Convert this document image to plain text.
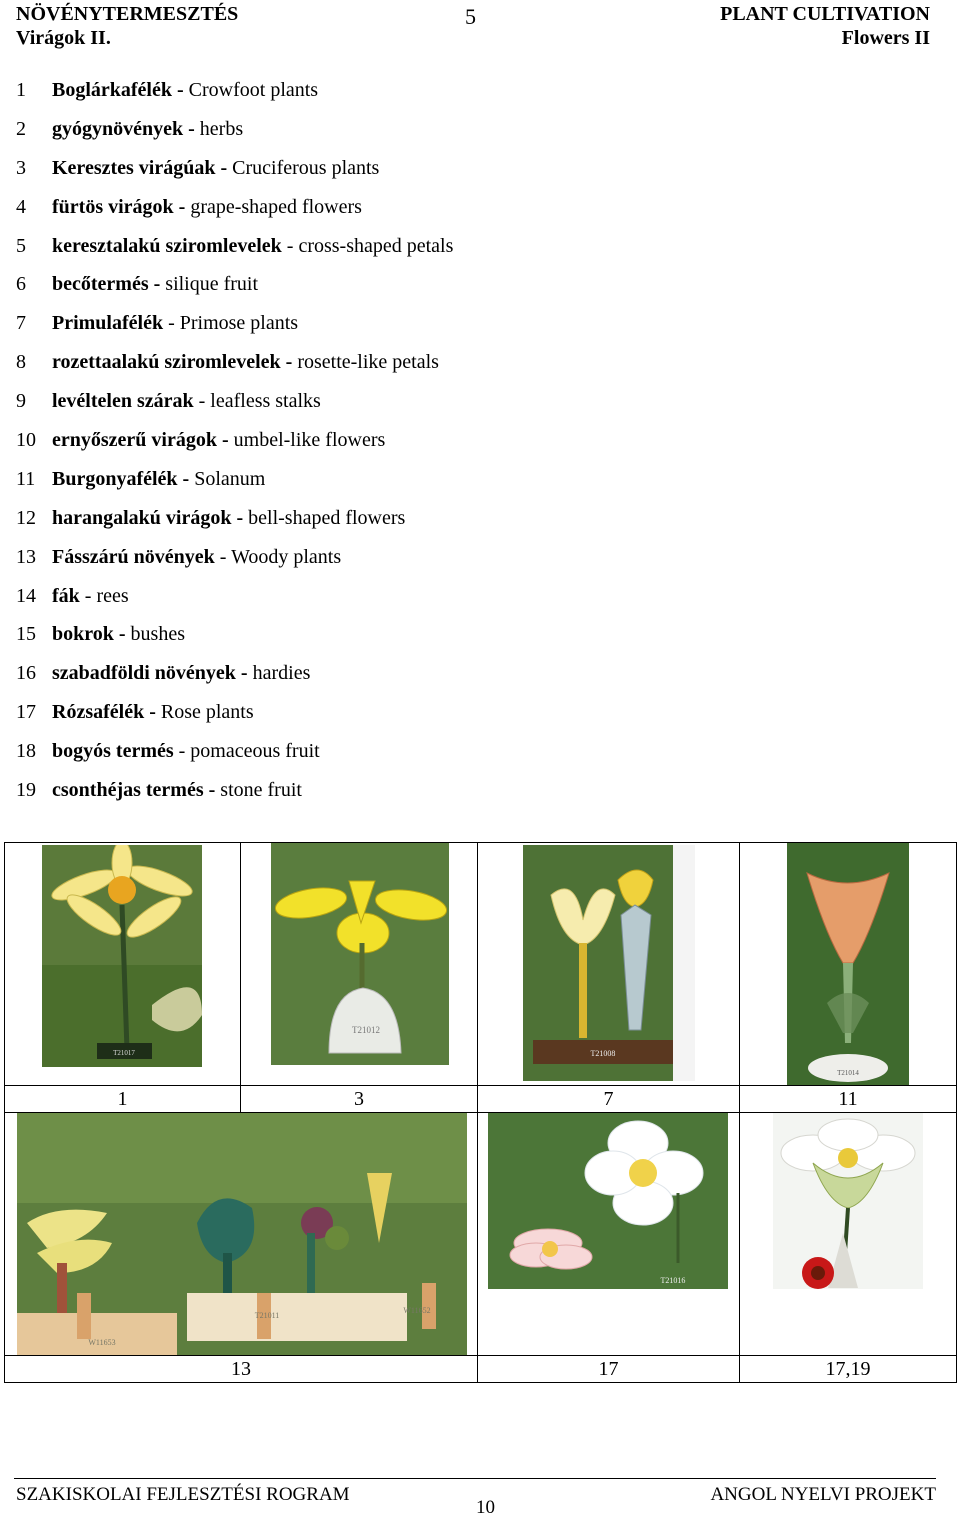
NÖVÉNYTERMESZTÉS
Virágok II.
5	PLANT CULTIVATION
Flowers II
1 Boglárkafélék - Crowfoot plants
2 gyógynövények - herbs
3 Keresztes virágúak - Cruciferous plants
4 fürtös virágok - grape-shaped flowers
5 keresztalakú sziromlevelek - cross-shaped petals
6 becőtermés - silique fruit
7 Primulafélék - Primose plants
8 rozettaalakú sziromlevelek - rosette-like petals
9 levéltelen szárak - leafless stalks
10 ernyőszerű virágok - umbel-like flowers
11 Burgonyafélék - Solanum
12 harangalakú virágok - bell-shaped flowers
13 Fásszárú növények - Woody plants
14 fák - rees
15 bokrok - bushes
16 szabadföldi növények - hardies
17 Rózsafélék - Rose plants
18 bogyós termés - pomaceous fruit
19 csonthéjas termés - stone fruit
T21017	T21012	T21008	T21014

1	3	7	11

T21011
W11652
W11653		T21016

13		17	17,19
SZAKISKOLAI FEJLESZTÉSI ROGRAM
10
ANGOL NYELVI PROJEKT
